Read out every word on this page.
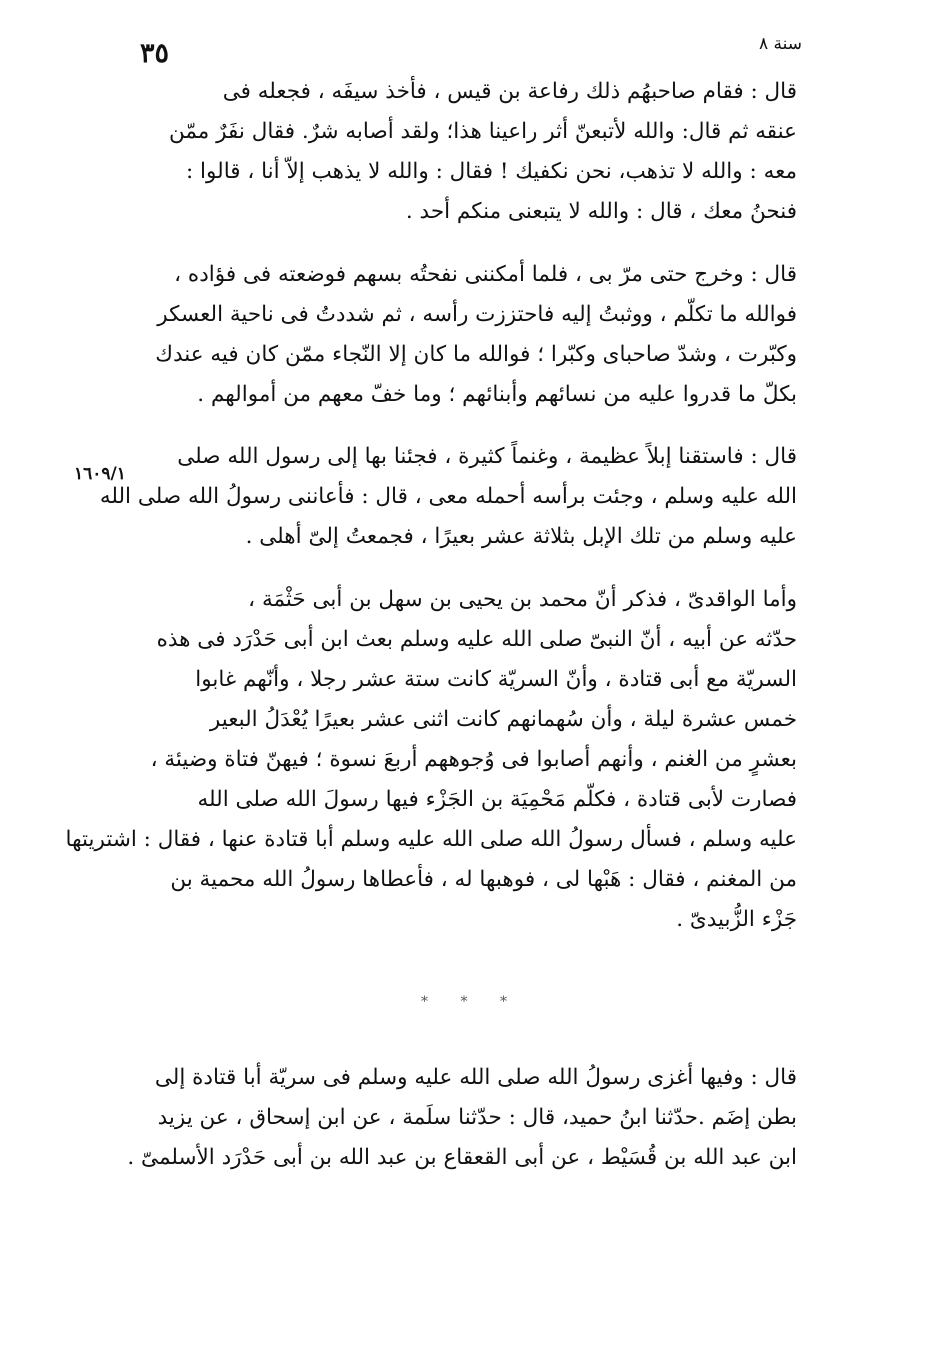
٣٥	سنة ٨
١٦٠٩/١

قال : فقام صاحبهُم ذلك رفاعة بن قيس ، فأخذ سيفَه ، فجعله فى
عنقه ثم قال: والله لأتبعنّ أثر راعينا هذا؛ ولقد أصابه شرٌ. فقال نفَرٌ ممّن
معه : والله لا تذهب، نحن نكفيك ! فقال : والله لا يذهب إلاّ أنا ، قالوا :
فنحنُ معك ، قال : والله لا يتبعنى منكم أحد .

قال : وخرج حتى مرّ بى ، فلما أمكننى نفحتُه بسهم فوضعته فى فؤاده ،
فوالله ما تكلّم ، ووثبتُ إليه فاحتززت رأسه ، ثم شددتُ فى ناحية العسكر
وكبّرت ، وشدّ صاحباى وكبّرا ؛ فوالله ما كان إلا النّجاء ممّن كان فيه عندك
بكلّ ما قدروا عليه من نسائهم وأبنائهم ؛ وما خفّ معهم من أموالهم .

قال : فاستقنا إبلاً عظيمة ، وغنماً كثيرة ، فجئنا بها إلى رسول الله صلى
الله عليه وسلم ، وجئت برأسه أحمله معى ، قال : فأعاننى رسولُ الله صلى الله
عليه وسلم من تلك الإبل بثلاثة عشر بعيرًا ، فجمعتُ إلىّ أهلى .

وأما الواقدىّ ، فذكر أنّ محمد بن يحيى بن سهل بن أبى حَثْمَة ،
حدّثه عن أبيه ، أنّ النبىّ صلى الله عليه وسلم بعث ابن أبى حَدْرَد فى هذه
السريّة مع أبى قتادة ، وأنّ السريّة كانت ستة عشر رجلا ، وأنّهم غابوا
خمس عشرة ليلة ، وأن سُهمانهم كانت اثنى عشر بعيرًا يُعْدَلُ البعير
بعشرٍ من الغنم ، وأنهم أصابوا فى وُجوههم أربعَ نسوة ؛ فيهنّ فتاة وضيئة ،
فصارت لأبى قتادة ، فكلّم مَحْمِيَة بن الجَزْء فيها رسولَ الله صلى الله
عليه وسلم ، فسأل رسولُ الله صلى الله عليه وسلم أبا قتادة عنها ، فقال : اشتريتها
من المغنم ، فقال : هَبْها لى ، فوهبها له ، فأعطاها رسولُ الله محمية بن
جَزْء الزُّبيدىّ .

* * *

قال : وفيها أغزى رسولُ الله صلى الله عليه وسلم فى سريّة أبا قتادة إلى
بطن إضَم .حدّثنا ابنُ حميد، قال : حدّثنا سلَمة ، عن ابن إسحاق ، عن يزيد
ابن عبد الله بن قُسَيْط ، عن أبى القعقاع بن عبد الله بن أبى حَدْرَد الأسلمىّ .
